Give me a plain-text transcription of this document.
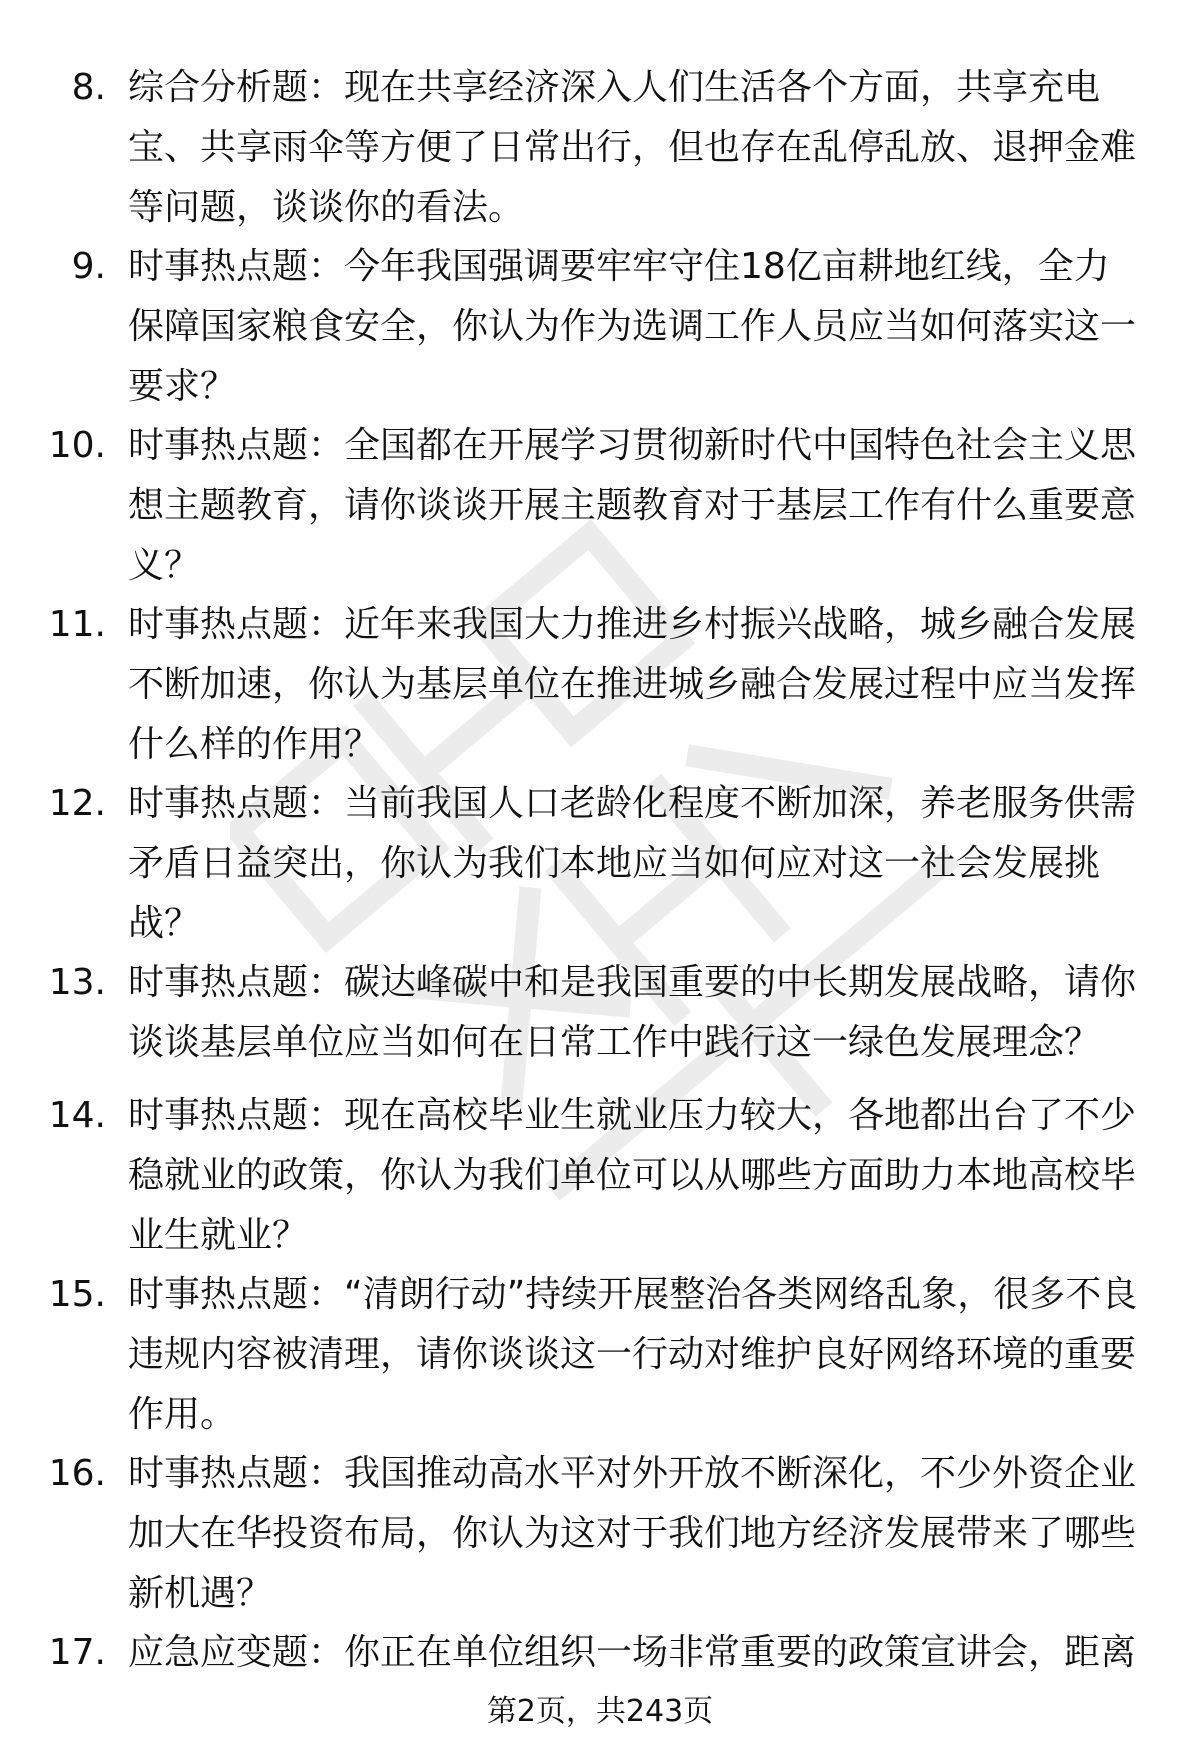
8. 综合分析题：现在共享经济深入人们生活各个方面，共享充电宝、共享雨伞等方便了日常出行，但也存在乱停乱放、退押金难等问题，谈谈你的看法。

9. 时事热点题：今年我国强调要牢牢守住18亿亩耕地红线，全力保障国家粮食安全，你认为作为选调工作人员应当如何落实这一要求？

10. 时事热点题：全国都在开展学习贯彻新时代中国特色社会主义思想主题教育，请你谈谈开展主题教育对于基层工作有什么重要意义？

11. 时事热点题：近年来我国大力推进乡村振兴战略，城乡融合发展不断加速，你认为基层单位在推进城乡融合发展过程中应当发挥什么样的作用？

12. 时事热点题：当前我国人口老龄化程度不断加深，养老服务供需矛盾日益突出，你认为我们本地应当如何应对这一社会发展挑战？

13. 时事热点题：碳达峰碳中和是我国重要的中长期发展战略，请你谈谈基层单位应当如何在日常工作中践行这一绿色发展理念？

14. 时事热点题：现在高校毕业生就业压力较大，各地都出台了不少稳就业的政策，你认为我们单位可以从哪些方面助力本地高校毕业生就业？

15. 时事热点题：“清朗行动”持续开展整治各类网络乱象，很多不良违规内容被清理，请你谈谈这一行动对维护良好网络环境的重要作用。

16. 时事热点题：我国推动高水平对外开放不断深化，不少外资企业加大在华投资布局，你认为这对于我们地方经济发展带来了哪些新机遇？

17. 应急应变题：你正在单位组织一场非常重要的政策宣讲会，距离

第2页，共243页
